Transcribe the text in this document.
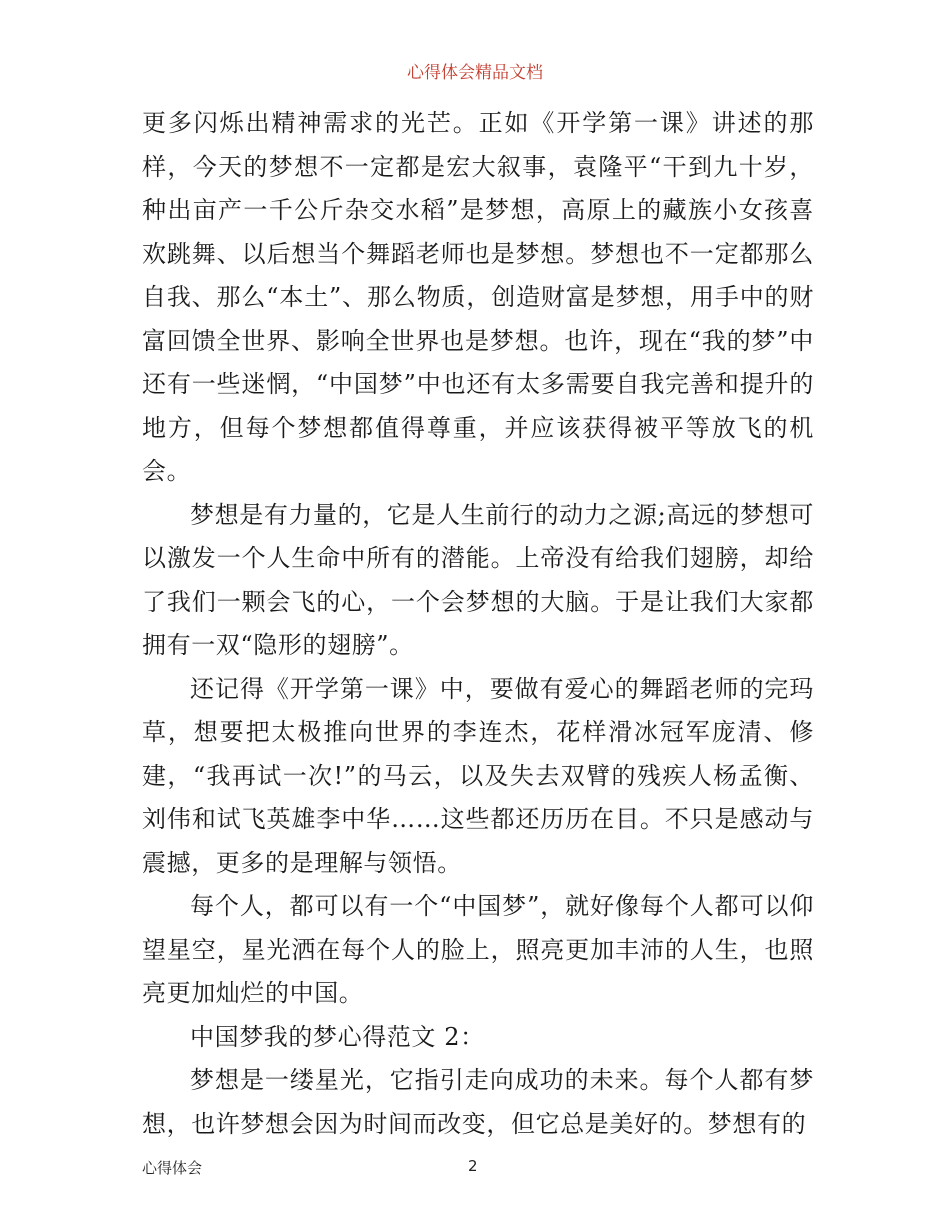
心得体会精品文档

更多闪烁出精神需求的光芒。正如《开学第一课》讲述的那样，今天的梦想不一定都是宏大叙事，袁隆平“干到九十岁，种出亩产一千公斤杂交水稻”是梦想，高原上的藏族小女孩喜欢跳舞、以后想当个舞蹈老师也是梦想。梦想也不一定都那么自我、那么“本土”、那么物质，创造财富是梦想，用手中的财富回馈全世界、影响全世界也是梦想。也许，现在“我的梦”中还有一些迷惘，“中国梦”中也还有太多需要自我完善和提升的地方，但每个梦想都值得尊重，并应该获得被平等放飞的机会。

梦想是有力量的，它是人生前行的动力之源;高远的梦想可以激发一个人生命中所有的潜能。上帝没有给我们翅膀，却给了我们一颗会飞的心，一个会梦想的大脑。于是让我们大家都拥有一双“隐形的翅膀”。

还记得《开学第一课》中，要做有爱心的舞蹈老师的完玛草，想要把太极推向世界的李连杰，花样滑冰冠军庞清、修建，“我再试一次!”的马云，以及失去双臂的残疾人杨孟衡、刘伟和试飞英雄李中华……这些都还历历在目。不只是感动与震撼，更多的是理解与领悟。

每个人，都可以有一个“中国梦”，就好像每个人都可以仰望星空，星光洒在每个人的脸上，照亮更加丰沛的人生，也照亮更加灿烂的中国。

中国梦我的梦心得范文 2：

梦想是一缕星光，它指引走向成功的未来。每个人都有梦想，也许梦想会因为时间而改变，但它总是美好的。梦想有的

心得体会	2
